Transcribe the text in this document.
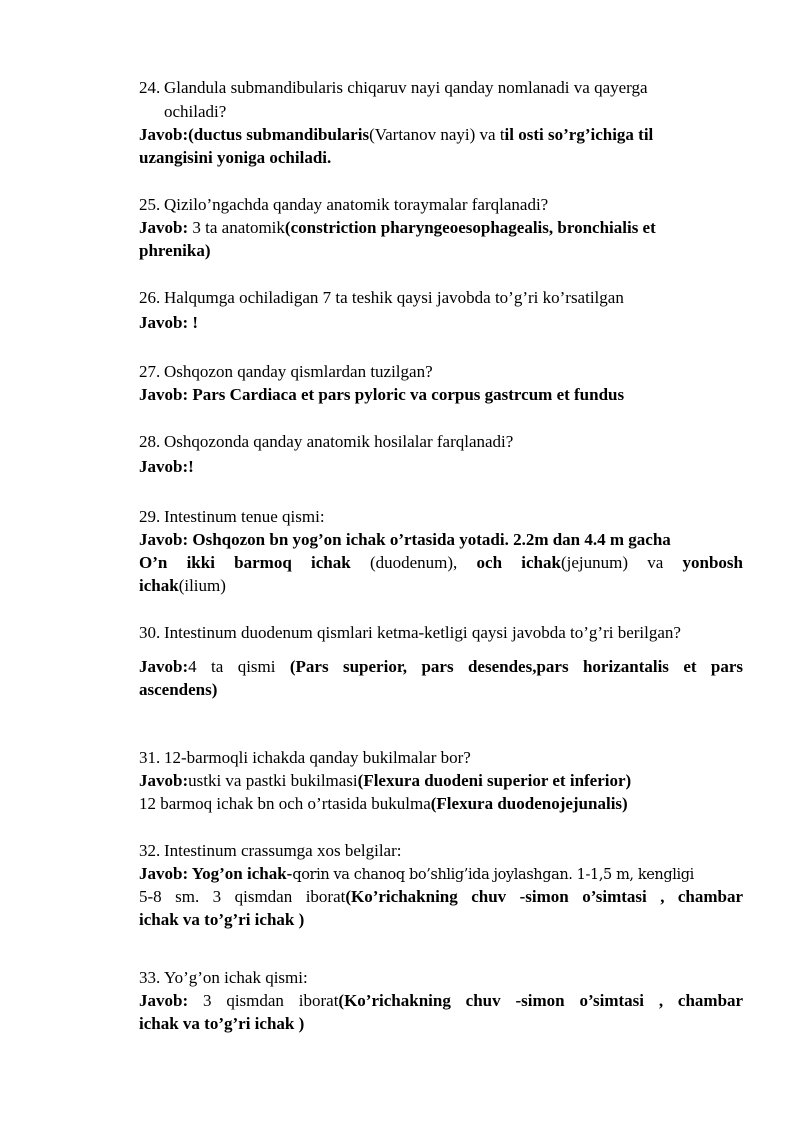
24. Glandula submandibularis chiqaruv nayi qanday nomlanadi va qayerga
ochiladi?
Javob:(ductus submandibularis(Vartanov nayi) va til osti so’rg’ichiga til
uzangisini yoniga ochiladi.
25. Qizilo’ngachda qanday anatomik toraymalar farqlanadi?
Javob: 3 ta anatomik(constriction pharyngeoesophagealis, bronchialis et
phrenika)
26. Halqumga ochiladigan 7 ta teshik qaysi javobda to’g’ri ko’rsatilgan
Javob: !
27. Oshqozon qanday qismlardan tuzilgan?
Javob: Pars Cardiaca et pars pyloric va corpus gastrcum et fundus
28. Oshqozonda qanday anatomik hosilalar farqlanadi?
Javob:!
29. Intestinum tenue qismi:
Javob: Oshqozon bn yog’on ichak o’rtasida yotadi. 2.2m dan 4.4 m gacha
O’n ikki barmoq ichak (duodenum), och ichak(jejunum) va yonbosh
ichak(ilium)
30. Intestinum duodenum qismlari ketma-ketligi qaysi javobda to’g’ri berilgan?
Javob:4 ta qismi (Pars superior, pars desendes,pars horizantalis et pars
ascendens)
31. 12-barmoqli ichakda qanday bukilmalar bor?
Javob:ustki va pastki bukilmasi(Flexura duodeni superior et inferior)
12 barmoq ichak bn och o’rtasida bukulma(Flexura duodenojejunalis)
32. Intestinum crassumga xos belgilar:
Javob: Yog’on ichak-qorin va chanoq bo’shlig’ida joylashgan. 1-1,5 m, kengligi
5-8 sm. 3 qismdan iborat(Ko’richakning chuv -simon o’simtasi , chambar
ichak va to’g’ri ichak )
33. Yo’g’on ichak qismi:
Javob: 3 qismdan iborat(Ko’richakning chuv -simon o’simtasi , chambar
ichak va to’g’ri ichak )
